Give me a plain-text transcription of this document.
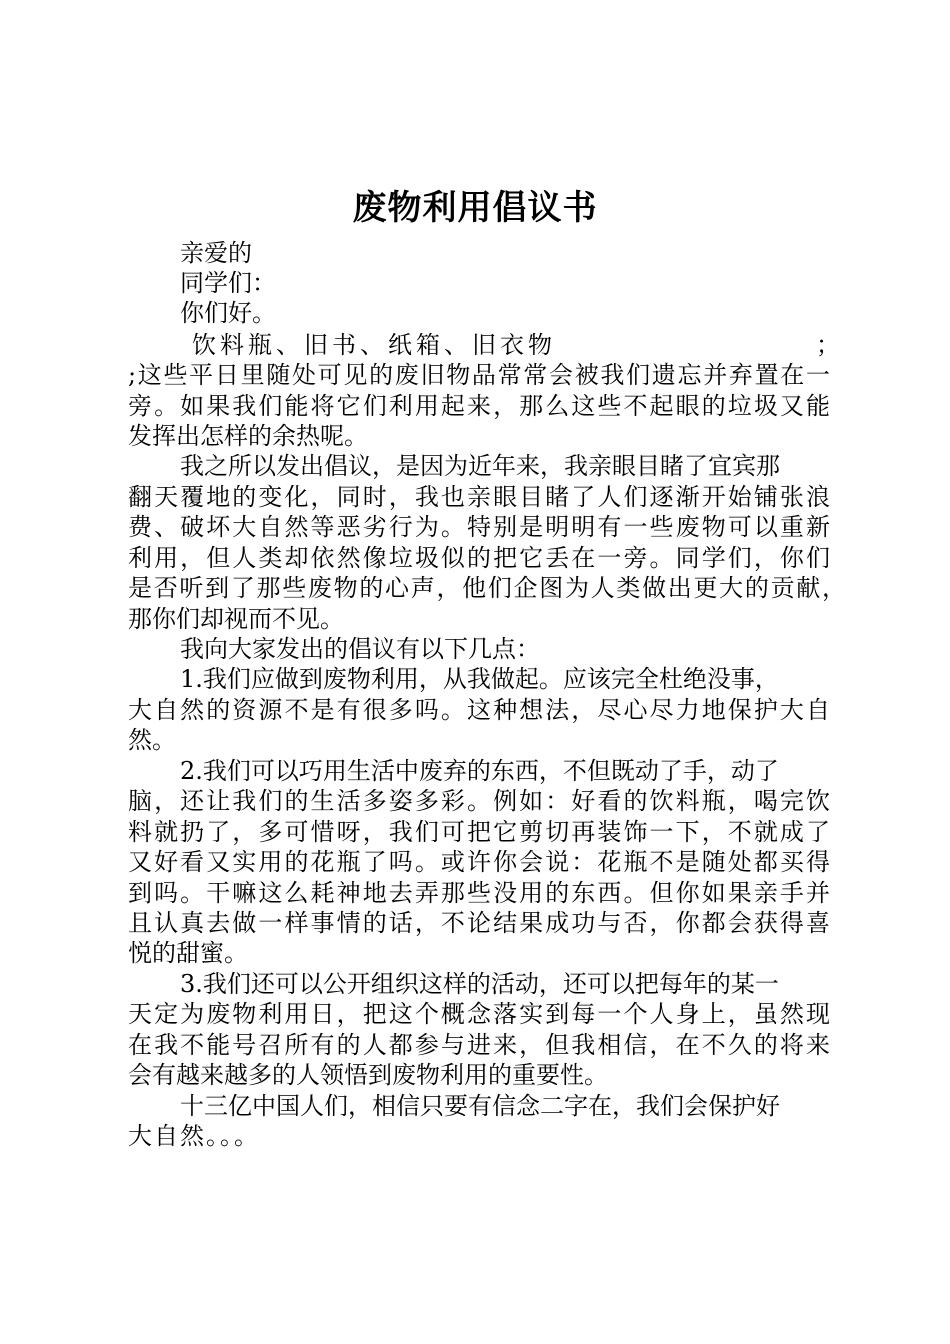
废物利用倡议书
亲爱的
同学们：
你们好。
饮料瓶、旧书、纸箱、旧衣物	；
;这些平日里随处可见的废旧物品常常会被我们遗忘并弃置在一
旁。如果我们能将它们利用起来，那么这些不起眼的垃圾又能
发挥出怎样的余热呢。
我之所以发出倡议，是因为近年来，我亲眼目睹了宜宾那
翻天覆地的变化，同时，我也亲眼目睹了人们逐渐开始铺张浪
费、破坏大自然等恶劣行为。特别是明明有一些废物可以重新
利用，但人类却依然像垃圾似的把它丢在一旁。同学们，你们
是否听到了那些废物的心声，他们企图为人类做出更大的贡献，
那你们却视而不见。
我向大家发出的倡议有以下几点：
1.我们应做到废物利用，从我做起。应该完全杜绝没事，
大自然的资源不是有很多吗。这种想法，尽心尽力地保护大自
然。
2.我们可以巧用生活中废弃的东西，不但既动了手，动了
脑，还让我们的生活多姿多彩。例如：好看的饮料瓶，喝完饮
料就扔了，多可惜呀，我们可把它剪切再装饰一下，不就成了
又好看又实用的花瓶了吗。或许你会说：花瓶不是随处都买得
到吗。干嘛这么耗神地去弄那些没用的东西。但你如果亲手并
且认真去做一样事情的话，不论结果成功与否，你都会获得喜
悦的甜蜜。
3.我们还可以公开组织这样的活动，还可以把每年的某一
天定为废物利用日，把这个概念落实到每一个人身上，虽然现
在我不能号召所有的人都参与进来，但我相信，在不久的将来
会有越来越多的人领悟到废物利用的重要性。
十三亿中国人们，相信只要有信念二字在，我们会保护好
大自然。。。
